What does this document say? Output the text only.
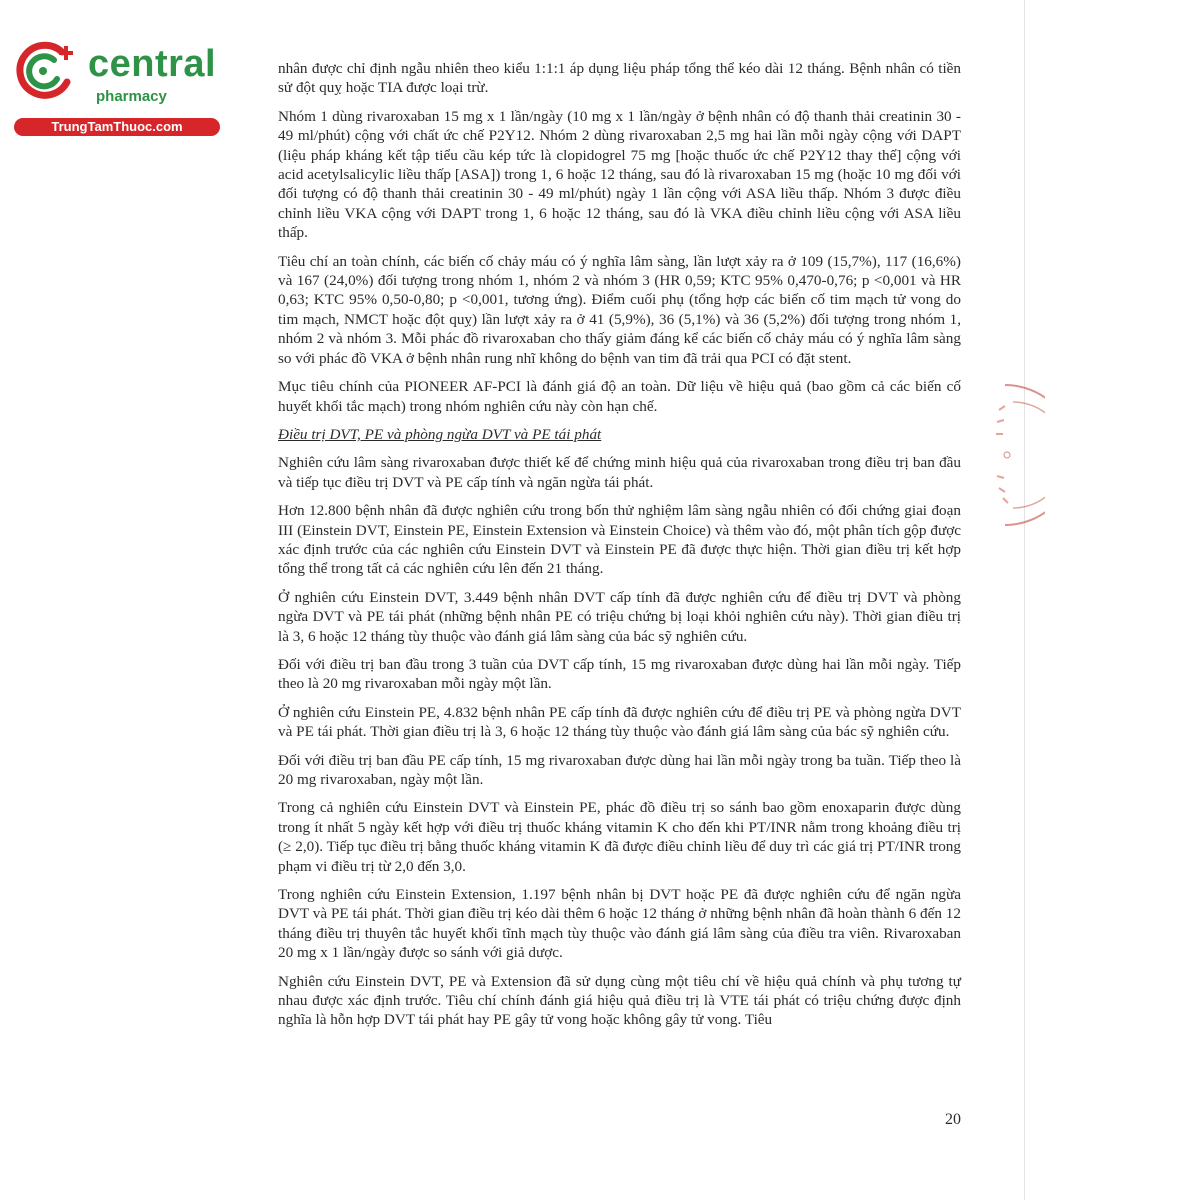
central
pharmacy
TrungTamThuoc.com

nhân được chỉ định ngẫu nhiên theo kiểu 1:1:1 áp dụng liệu pháp tổng thể kéo dài 12 tháng. Bệnh nhân có tiền sử đột quỵ hoặc TIA được loại trừ.

Nhóm 1 dùng rivaroxaban 15 mg x 1 lần/ngày (10 mg x 1 lần/ngày ở bệnh nhân có độ thanh thải creatinin 30 - 49 ml/phút) cộng với chất ức chế P2Y12. Nhóm 2 dùng rivaroxaban 2,5 mg hai lần mỗi ngày cộng với DAPT (liệu pháp kháng kết tập tiểu cầu kép tức là clopidogrel 75 mg [hoặc thuốc ức chế P2Y12 thay thế] cộng với acid acetylsalicylic liều thấp [ASA]) trong 1, 6 hoặc 12 tháng, sau đó là rivaroxaban 15 mg (hoặc 10 mg đối với đối tượng có độ thanh thải creatinin 30 - 49 ml/phút) ngày 1 lần cộng với ASA liều thấp. Nhóm 3 được điều chỉnh liều VKA cộng với DAPT trong 1, 6 hoặc 12 tháng, sau đó là VKA điều chỉnh liều cộng với ASA liều thấp.

Tiêu chí an toàn chính, các biến cố chảy máu có ý nghĩa lâm sàng, lần lượt xảy ra ở 109 (15,7%), 117 (16,6%) và 167 (24,0%) đối tượng trong nhóm 1, nhóm 2 và nhóm 3 (HR 0,59; KTC 95% 0,470-0,76; p <0,001 và HR 0,63; KTC 95% 0,50-0,80; p <0,001, tương ứng). Điểm cuối phụ (tổng hợp các biến cố tim mạch tử vong do tim mạch, NMCT hoặc đột quỵ) lần lượt xảy ra ở 41 (5,9%), 36 (5,1%) và 36 (5,2%) đối tượng trong nhóm 1, nhóm 2 và nhóm 3. Mỗi phác đồ rivaroxaban cho thấy giảm đáng kể các biến cố chảy máu có ý nghĩa lâm sàng so với phác đồ VKA ở bệnh nhân rung nhĩ không do bệnh van tim đã trải qua PCI có đặt stent.

Mục tiêu chính của PIONEER AF-PCI là đánh giá độ an toàn. Dữ liệu về hiệu quả (bao gồm cả các biến cố huyết khối tắc mạch) trong nhóm nghiên cứu này còn hạn chế.

Điều trị DVT, PE và phòng ngừa DVT và PE tái phát

Nghiên cứu lâm sàng rivaroxaban được thiết kế để chứng minh hiệu quả của rivaroxaban trong điều trị ban đầu và tiếp tục điều trị DVT và PE cấp tính và ngăn ngừa tái phát.

Hơn 12.800 bệnh nhân đã được nghiên cứu trong bốn thử nghiệm lâm sàng ngẫu nhiên có đối chứng giai đoạn III (Einstein DVT, Einstein PE, Einstein Extension và Einstein Choice) và thêm vào đó, một phân tích gộp được xác định trước của các nghiên cứu Einstein DVT và Einstein PE đã được thực hiện. Thời gian điều trị kết hợp tổng thể trong tất cả các nghiên cứu lên đến 21 tháng.

Ở nghiên cứu Einstein DVT, 3.449 bệnh nhân DVT cấp tính đã được nghiên cứu để điều trị DVT và phòng ngừa DVT và PE tái phát (những bệnh nhân PE có triệu chứng bị loại khỏi nghiên cứu này). Thời gian điều trị là 3, 6 hoặc 12 tháng tùy thuộc vào đánh giá lâm sàng của bác sỹ nghiên cứu.

Đối với điều trị ban đầu trong 3 tuần của DVT cấp tính, 15 mg rivaroxaban được dùng hai lần mỗi ngày. Tiếp theo là 20 mg rivaroxaban mỗi ngày một lần.

Ở nghiên cứu Einstein PE, 4.832 bệnh nhân PE cấp tính đã được nghiên cứu để điều trị PE và phòng ngừa DVT và PE tái phát. Thời gian điều trị là 3, 6 hoặc 12 tháng tùy thuộc vào đánh giá lâm sàng của bác sỹ nghiên cứu.

Đối với điều trị ban đầu PE cấp tính, 15 mg rivaroxaban được dùng hai lần mỗi ngày trong ba tuần. Tiếp theo là 20 mg rivaroxaban, ngày một lần.

Trong cả nghiên cứu Einstein DVT và Einstein PE, phác đồ điều trị so sánh bao gồm enoxaparin được dùng trong ít nhất 5 ngày kết hợp với điều trị thuốc kháng vitamin K cho đến khi PT/INR nằm trong khoảng điều trị (≥ 2,0). Tiếp tục điều trị bằng thuốc kháng vitamin K đã được điều chỉnh liều để duy trì các giá trị PT/INR trong phạm vi điều trị từ 2,0 đến 3,0.

Trong nghiên cứu Einstein Extension, 1.197 bệnh nhân bị DVT hoặc PE đã được nghiên cứu để ngăn ngừa DVT và PE tái phát. Thời gian điều trị kéo dài thêm 6 hoặc 12 tháng ở những bệnh nhân đã hoàn thành 6 đến 12 tháng điều trị thuyên tắc huyết khối tĩnh mạch tùy thuộc vào đánh giá lâm sàng của điều tra viên. Rivaroxaban 20 mg x 1 lần/ngày được so sánh với giả dược.

Nghiên cứu Einstein DVT, PE và Extension đã sử dụng cùng một tiêu chí về hiệu quả chính và phụ tương tự nhau được xác định trước. Tiêu chí chính đánh giá hiệu quả điều trị là VTE tái phát có triệu chứng được định nghĩa là hỗn hợp DVT tái phát hay PE gây tử vong hoặc không gây tử vong. Tiêu

20
